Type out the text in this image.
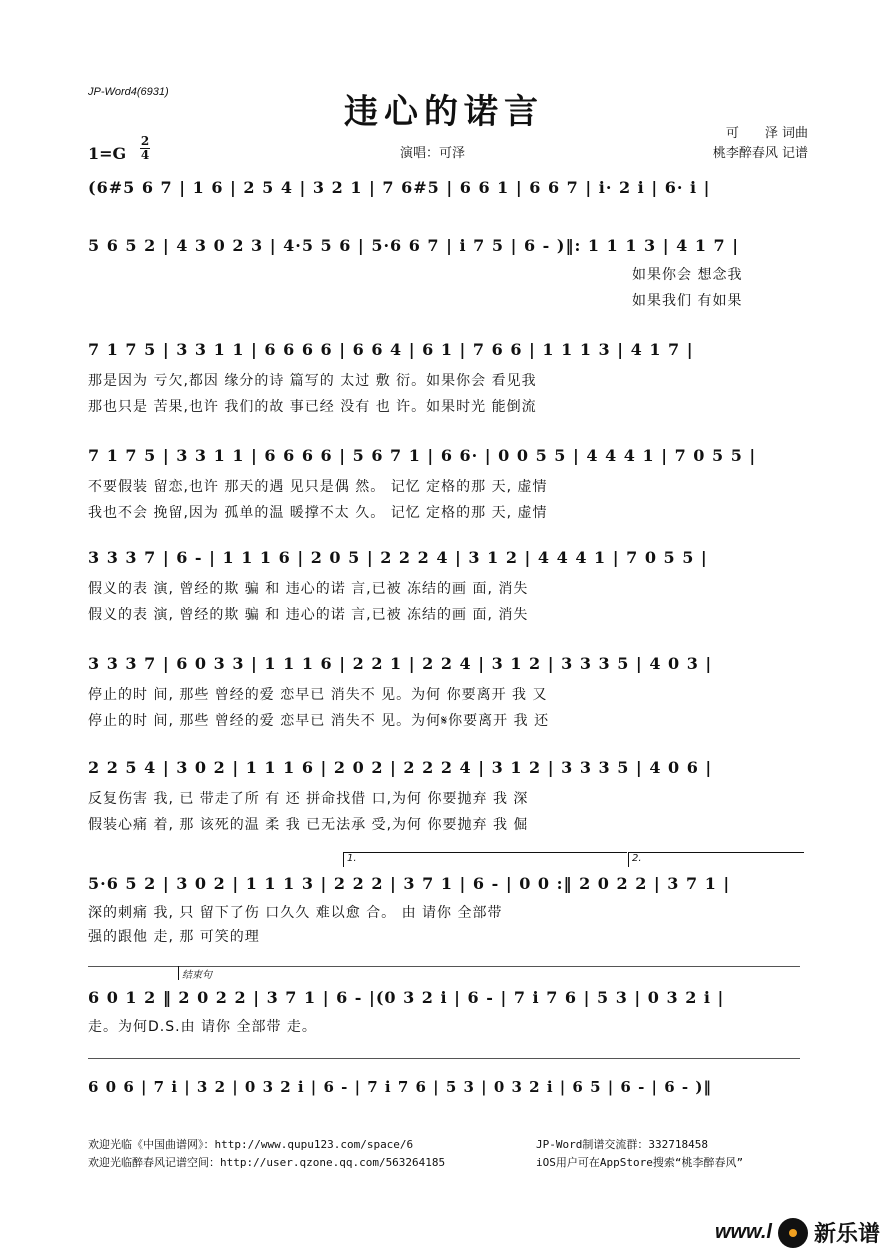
JP-Word4(6931)	违心的诺言
1=G
2
4	演唱：可泽
可　　泽 词曲
桃李醉春风 记谱
(6#5 6 7 | 1 6 | 2 5 4 | 3 2 1 | 7 6#5 | 6 6 1 | 6 6 7 | i· 2 i | 6· i |
5 6 5 2 | 4 3 0 2 3 | 4·5 5 6 | 5·6 6 7 | i 7 5 | 6 - )‖: 1 1 1 3 | 4 1 7 |
如果你会 想念我
如果我们 有如果
7 1 7 5 | 3 3 1 1 | 6 6 6 6 | 6 6 4 | 6 1 | 7 6 6 | 1 1 1 3 | 4 1 7 |
那是因为 亏欠,都因 缘分的诗 篇写的 太过 敷 衍。如果你会 看见我
那也只是 苦果,也许 我们的故 事已经 没有 也 许。如果时光 能倒流
7 1 7 5 | 3 3 1 1 | 6 6 6 6 | 5 6 7 1 | 6 6· | 0 0 5 5 | 4 4 4 1 | 7 0 5 5 |
不要假装 留恋,也许 那天的遇 见只是偶 然。 记忆 定格的那 天, 虚情
我也不会 挽留,因为 孤单的温 暖撑不太 久。 记忆 定格的那 天, 虚情
3 3 3 7 | 6 - | 1 1 1 6 | 2 0 5 | 2 2 2 4 | 3 1 2 | 4 4 4 1 | 7 0 5 5 |
假义的表 演, 曾经的欺 骗 和 违心的诺 言,已被 冻结的画 面, 消失
假义的表 演, 曾经的欺 骗 和 违心的诺 言,已被 冻结的画 面, 消失
3 3 3 7 | 6 0 3 3 | 1 1 1 6 | 2 2 1 | 2 2 4 | 3 1 2 | 3 3 3 5 | 4 0 3 |
停止的时 间, 那些 曾经的爱 恋早已 消失不 见。为何 你要离开 我 又
停止的时 间, 那些 曾经的爱 恋早已 消失不 见。为何𝄋你要离开 我 还
2 2 5 4 | 3 0 2 | 1 1 1 6 | 2 0 2 | 2 2 2 4 | 3 1 2 | 3 3 3 5 | 4 0 6 |
反复伤害 我, 已 带走了所 有 还 拼命找借 口,为何 你要抛弃 我 深
假装心痛 着, 那 该死的温 柔 我 已无法承 受,为何 你要抛弃 我 倔
1.	2.
5·6 5 2 | 3 0 2 | 1 1 1 3 | 2 2 2 | 3 7 1 | 6 - | 0 0 :‖ 2 0 2 2 | 3 7 1 |
深的刺痛 我, 只 留下了伤 口久久 难以愈 合。 由 请你 全部带
强的跟他 走, 那 可笑的理
结束句
6 0 1 2 ‖ 2 0 2 2 | 3 7 1 | 6 - |(0 3 2 i | 6 - | 7 i 7 6 | 5 3 | 0 3 2 i |
走。为何D.S.由 请你 全部带 走。
6 0 6 | 7 i | 3 2 | 0 3 2 i | 6 - | 7 i 7 6 | 5 3 | 0 3 2 i | 6 5 | 6 - | 6 - )‖
欢迎光临《中国曲谱网》：http://www.qupu123.com/space/6
欢迎光临醉春风记谱空间：http://user.qzone.qq.com/563264185
JP-Word制谱交流群：332718458
iOS用户可在AppStore搜索“桃李醉春风”
www.l 新乐谱
